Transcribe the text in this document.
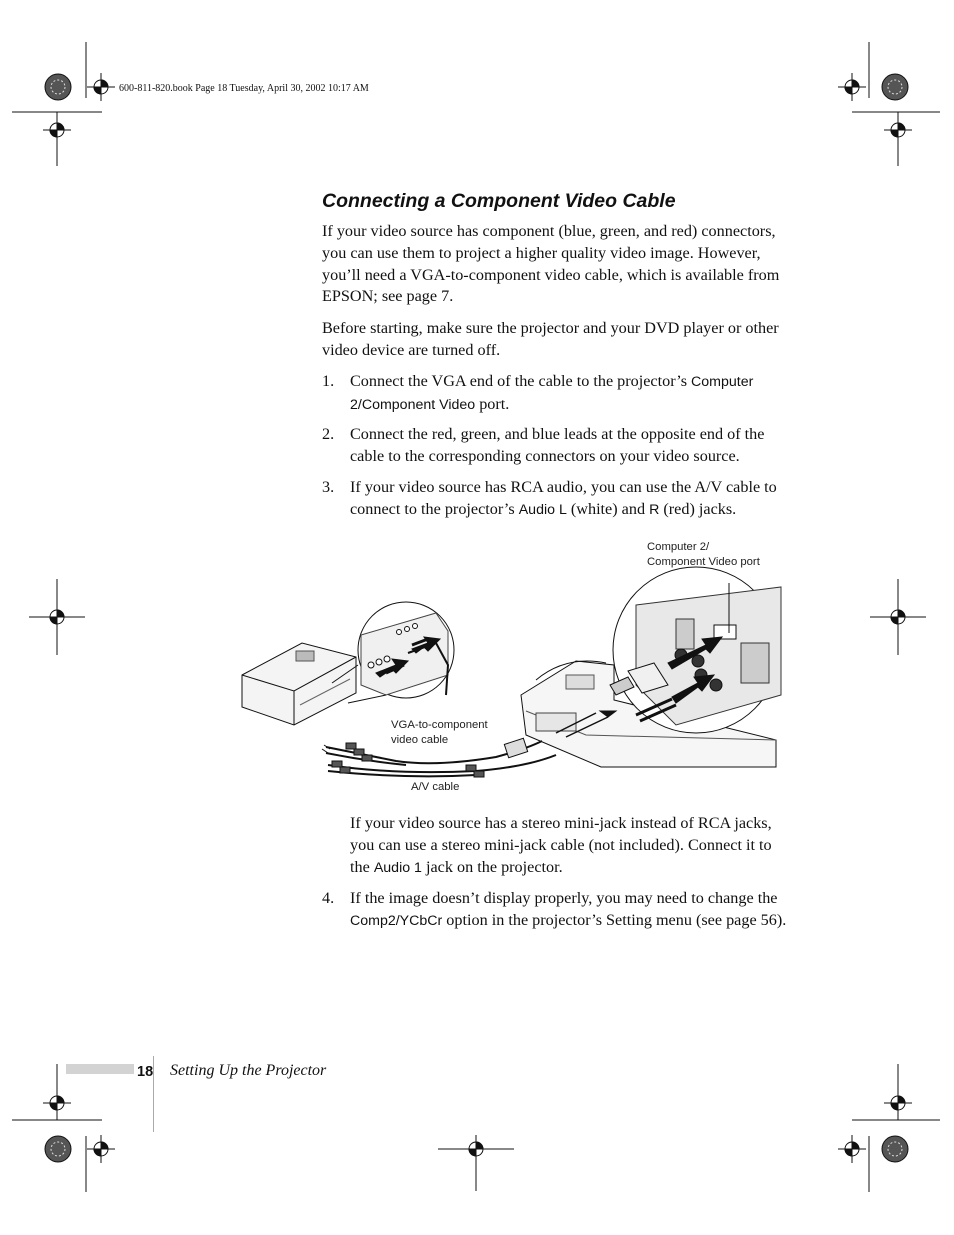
600-811-820.book Page 18 Tuesday, April 30, 2002 10:17 AM
Connecting a Component Video Cable

If your video source has component (blue, green, and red) connectors, you can use them to project a higher quality video image. However, you’ll need a VGA-to-component video cable, which is available from EPSON; see page 7.

Before starting, make sure the projector and your DVD player or other video device are turned off.

1. Connect the VGA end of the cable to the projector’s Computer 2/Component Video port.
2. Connect the red, green, and blue leads at the opposite end of the cable to the corresponding connectors on your video source.
3. If your video source has RCA audio, you can use the A/V cable to connect to the projector’s Audio L (white) and R (red) jacks.
Computer 2/
Component Video port
VGA-to-component
video cable
A/V cable

If your video source has a stereo mini-jack instead of RCA jacks, you can use a stereo mini-jack cable (not included). Connect it to the Audio 1 jack on the projector.

4. If the image doesn’t display properly, you may need to change the Comp2/YCbCr option in the projector’s Setting menu (see page 56).
18 Setting Up the Projector
